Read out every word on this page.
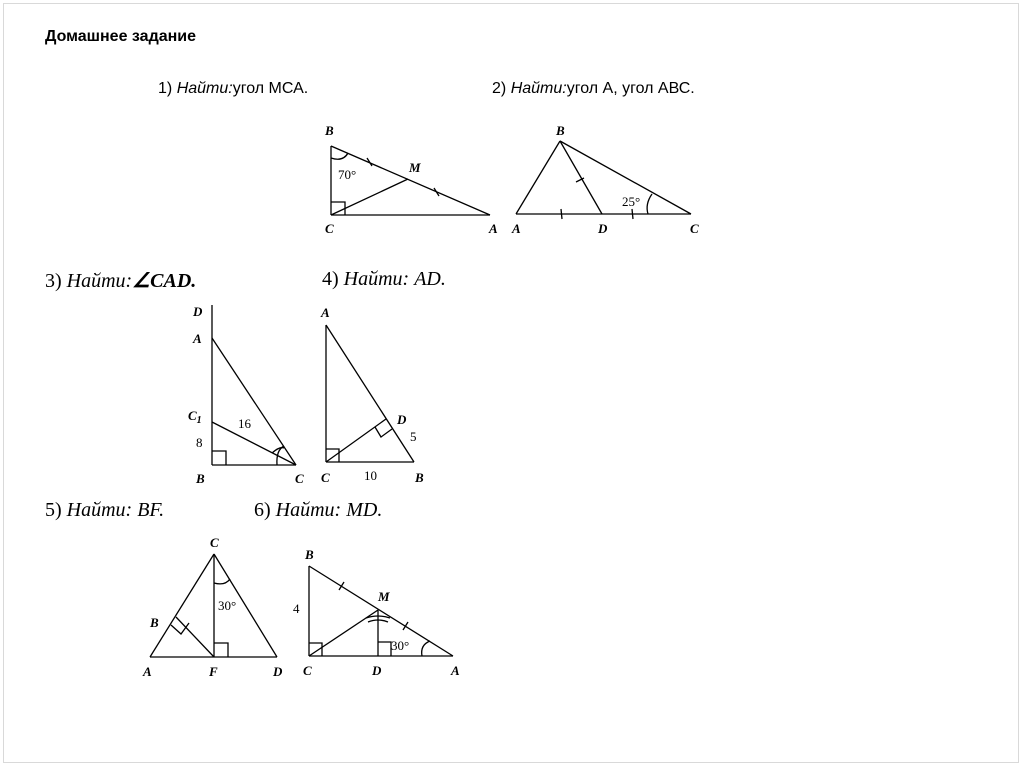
Домашнее задание
1) Найти:угол МСА.	2) Найти:угол А, угол АВС.
3) Найти:∠CAD.	4) Найти: AD.
5) Найти: BF.	6) Найти: MD.
B
C	A
M
70°
B
A	D	C
25°
D
A
$C_1$
8
B	C
16
A
D
C	B
10
5
C
B
A	F	D
30°
B
M
C	D	A
4
30°
